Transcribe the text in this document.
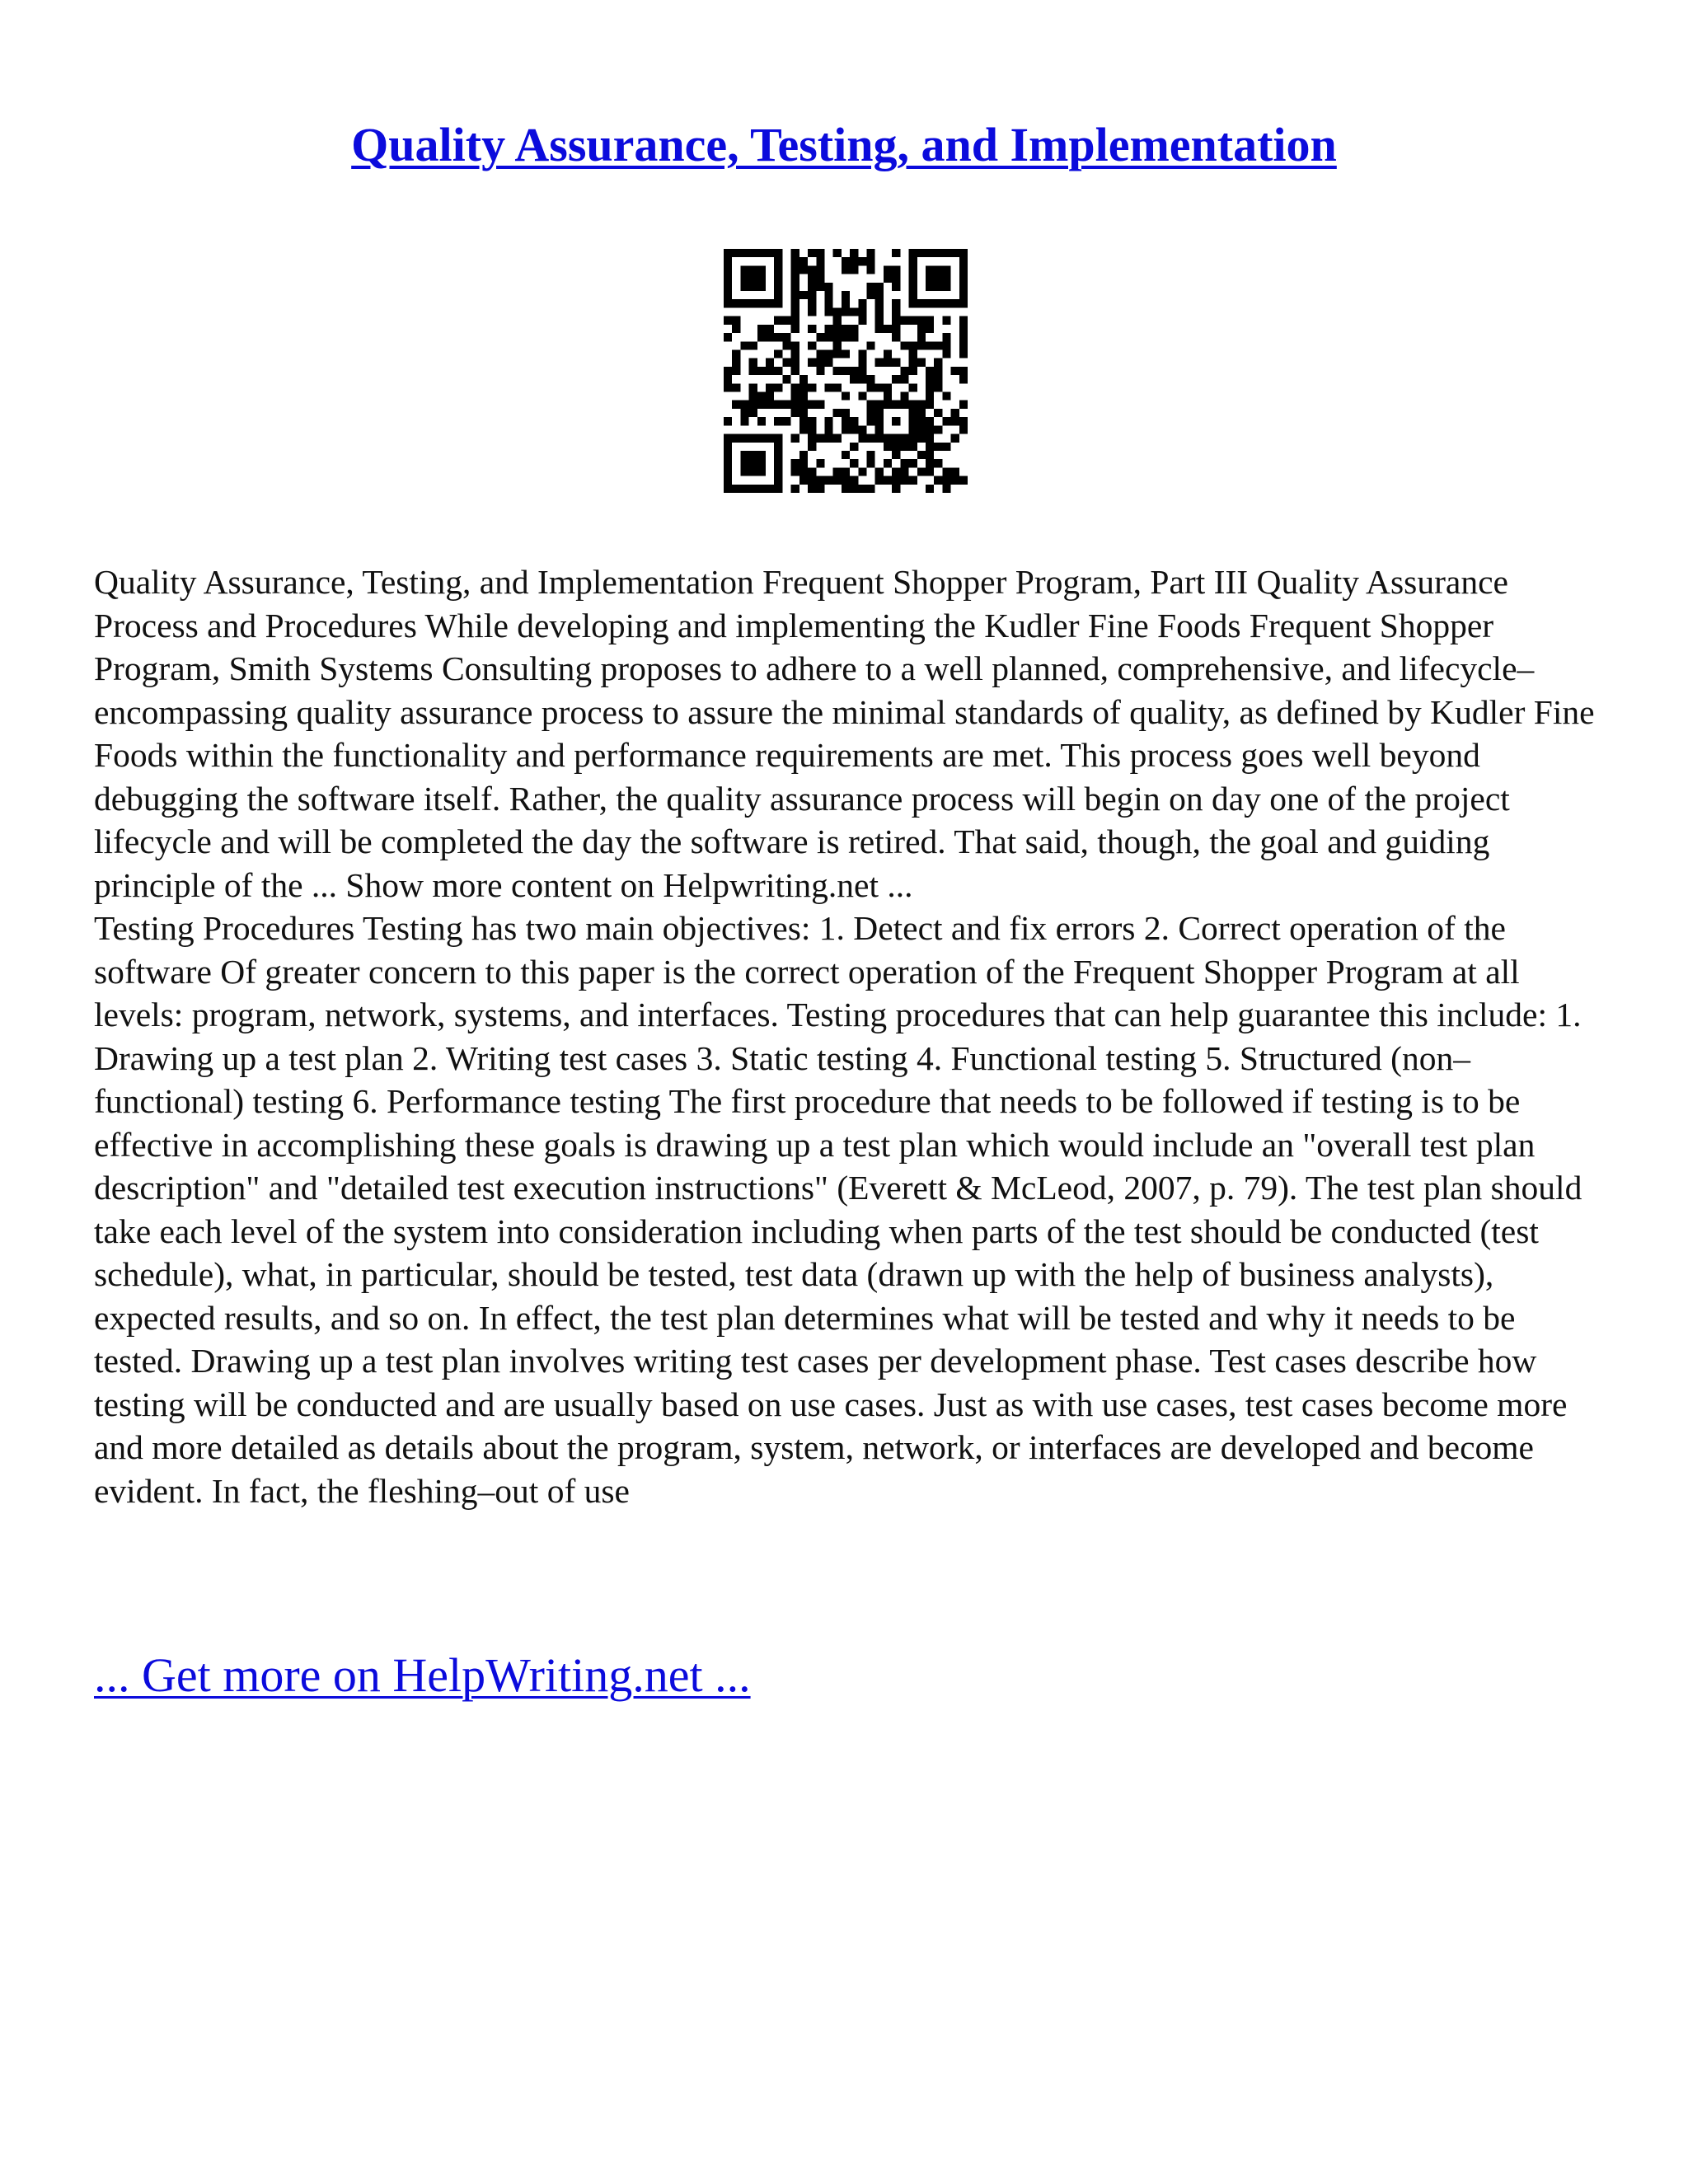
Quality Assurance, Testing, and Implementation

Quality Assurance, Testing, and Implementation Frequent Shopper Program, Part III Quality Assurance Process and Procedures While developing and implementing the Kudler Fine Foods Frequent Shopper Program, Smith Systems Consulting proposes to adhere to a well planned, comprehensive, and lifecycle–encompassing quality assurance process to assure the minimal standards of quality, as defined by Kudler Fine Foods within the functionality and performance requirements are met. This process goes well beyond debugging the software itself. Rather, the quality assurance process will begin on day one of the project lifecycle and will be completed the day the software is retired. That said, though, the goal and guiding principle of the ... Show more content on Helpwriting.net ...

Testing Procedures Testing has two main objectives: 1. Detect and fix errors 2. Correct operation of the software Of greater concern to this paper is the correct operation of the Frequent Shopper Program at all levels: program, network, systems, and interfaces. Testing procedures that can help guarantee this include: 1. Drawing up a test plan 2. Writing test cases 3. Static testing 4. Functional testing 5. Structured (non–functional) testing 6. Performance testing The first procedure that needs to be followed if testing is to be effective in accomplishing these goals is drawing up a test plan which would include an "overall test plan description" and "detailed test execution instructions" (Everett & McLeod, 2007, p. 79). The test plan should take each level of the system into consideration including when parts of the test should be conducted (test schedule), what, in particular, should be tested, test data (drawn up with the help of business analysts), expected results, and so on. In effect, the test plan determines what will be tested and why it needs to be tested. Drawing up a test plan involves writing test cases per development phase. Test cases describe how testing will be conducted and are usually based on use cases. Just as with use cases, test cases become more and more detailed as details about the program, system, network, or interfaces are developed and become evident. In fact, the fleshing–out of use

... Get more on HelpWriting.net ...
